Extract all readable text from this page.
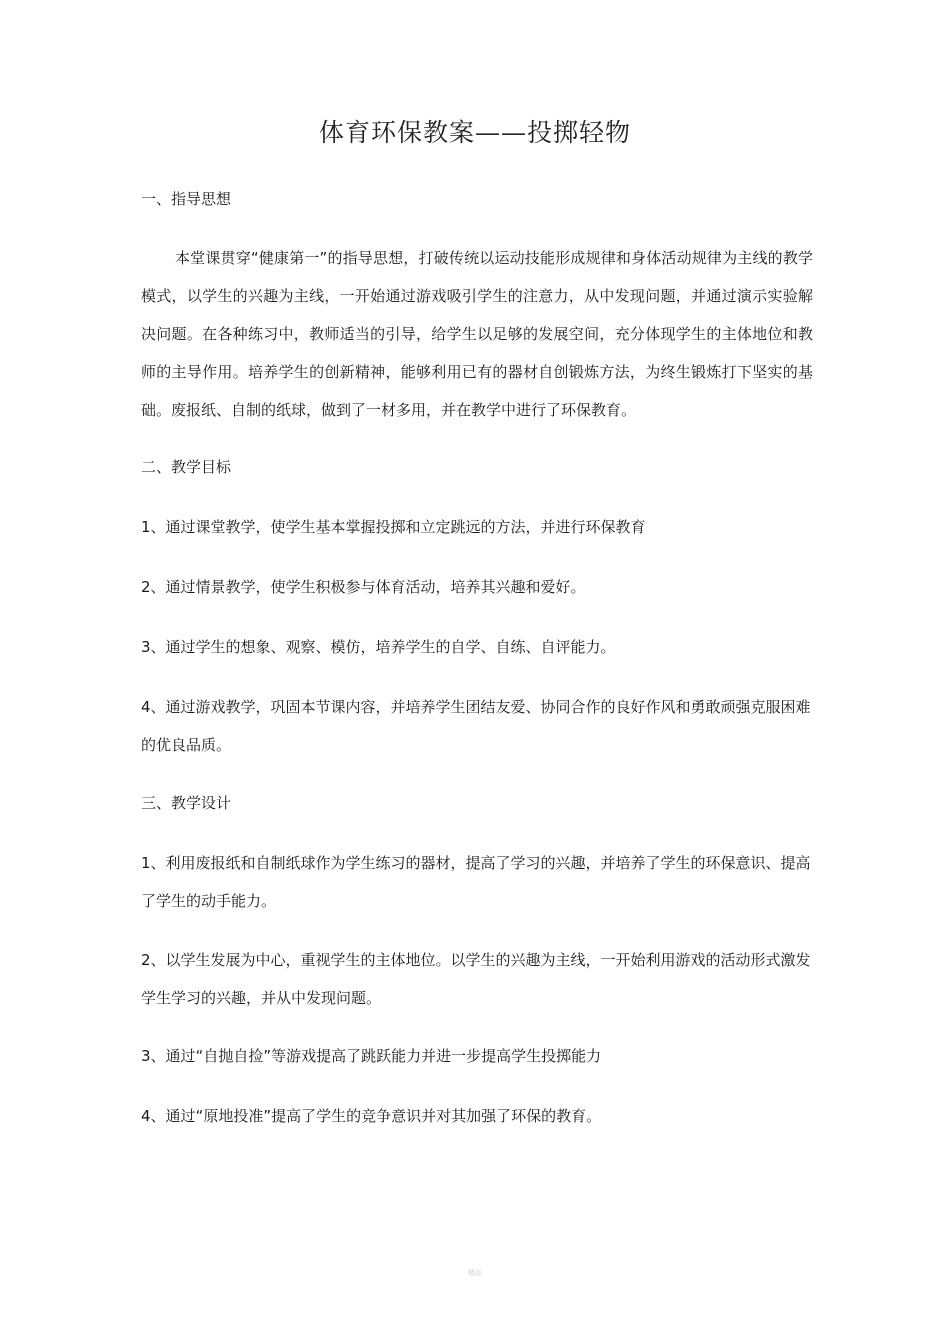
体育环保教案——投掷轻物
一、指导思想
本堂课贯穿“健康第一”的指导思想，打破传统以运动技能形成规律和身体活动规律为主线的教学模式，以学生的兴趣为主线，一开始通过游戏吸引学生的注意力，从中发现问题，并通过演示实验解决问题。在各种练习中，教师适当的引导，给学生以足够的发展空间，充分体现学生的主体地位和教师的主导作用。培养学生的创新精神，能够利用已有的器材自创锻炼方法，为终生锻炼打下坚实的基础。废报纸、自制的纸球，做到了一材多用，并在教学中进行了环保教育。
二、教学目标
1、通过课堂教学，使学生基本掌握投掷和立定跳远的方法，并进行环保教育
2、通过情景教学，使学生积极参与体育活动，培养其兴趣和爱好。
3、通过学生的想象、观察、模仿，培养学生的自学、自练、自评能力。
4、通过游戏教学，巩固本节课内容，并培养学生团结友爱、协同合作的良好作风和勇敢顽强克服困难的优良品质。
三、教学设计
1、利用废报纸和自制纸球作为学生练习的器材，提高了学习的兴趣，并培养了学生的环保意识、提高了学生的动手能力。
2、以学生发展为中心，重视学生的主体地位。以学生的兴趣为主线，一开始利用游戏的活动形式激发学生学习的兴趣，并从中发现问题。
3、通过“自抛自捡”等游戏提高了跳跃能力并进一步提高学生投掷能力
4、通过“原地投准”提高了学生的竞争意识并对其加强了环保的教育。
精品
